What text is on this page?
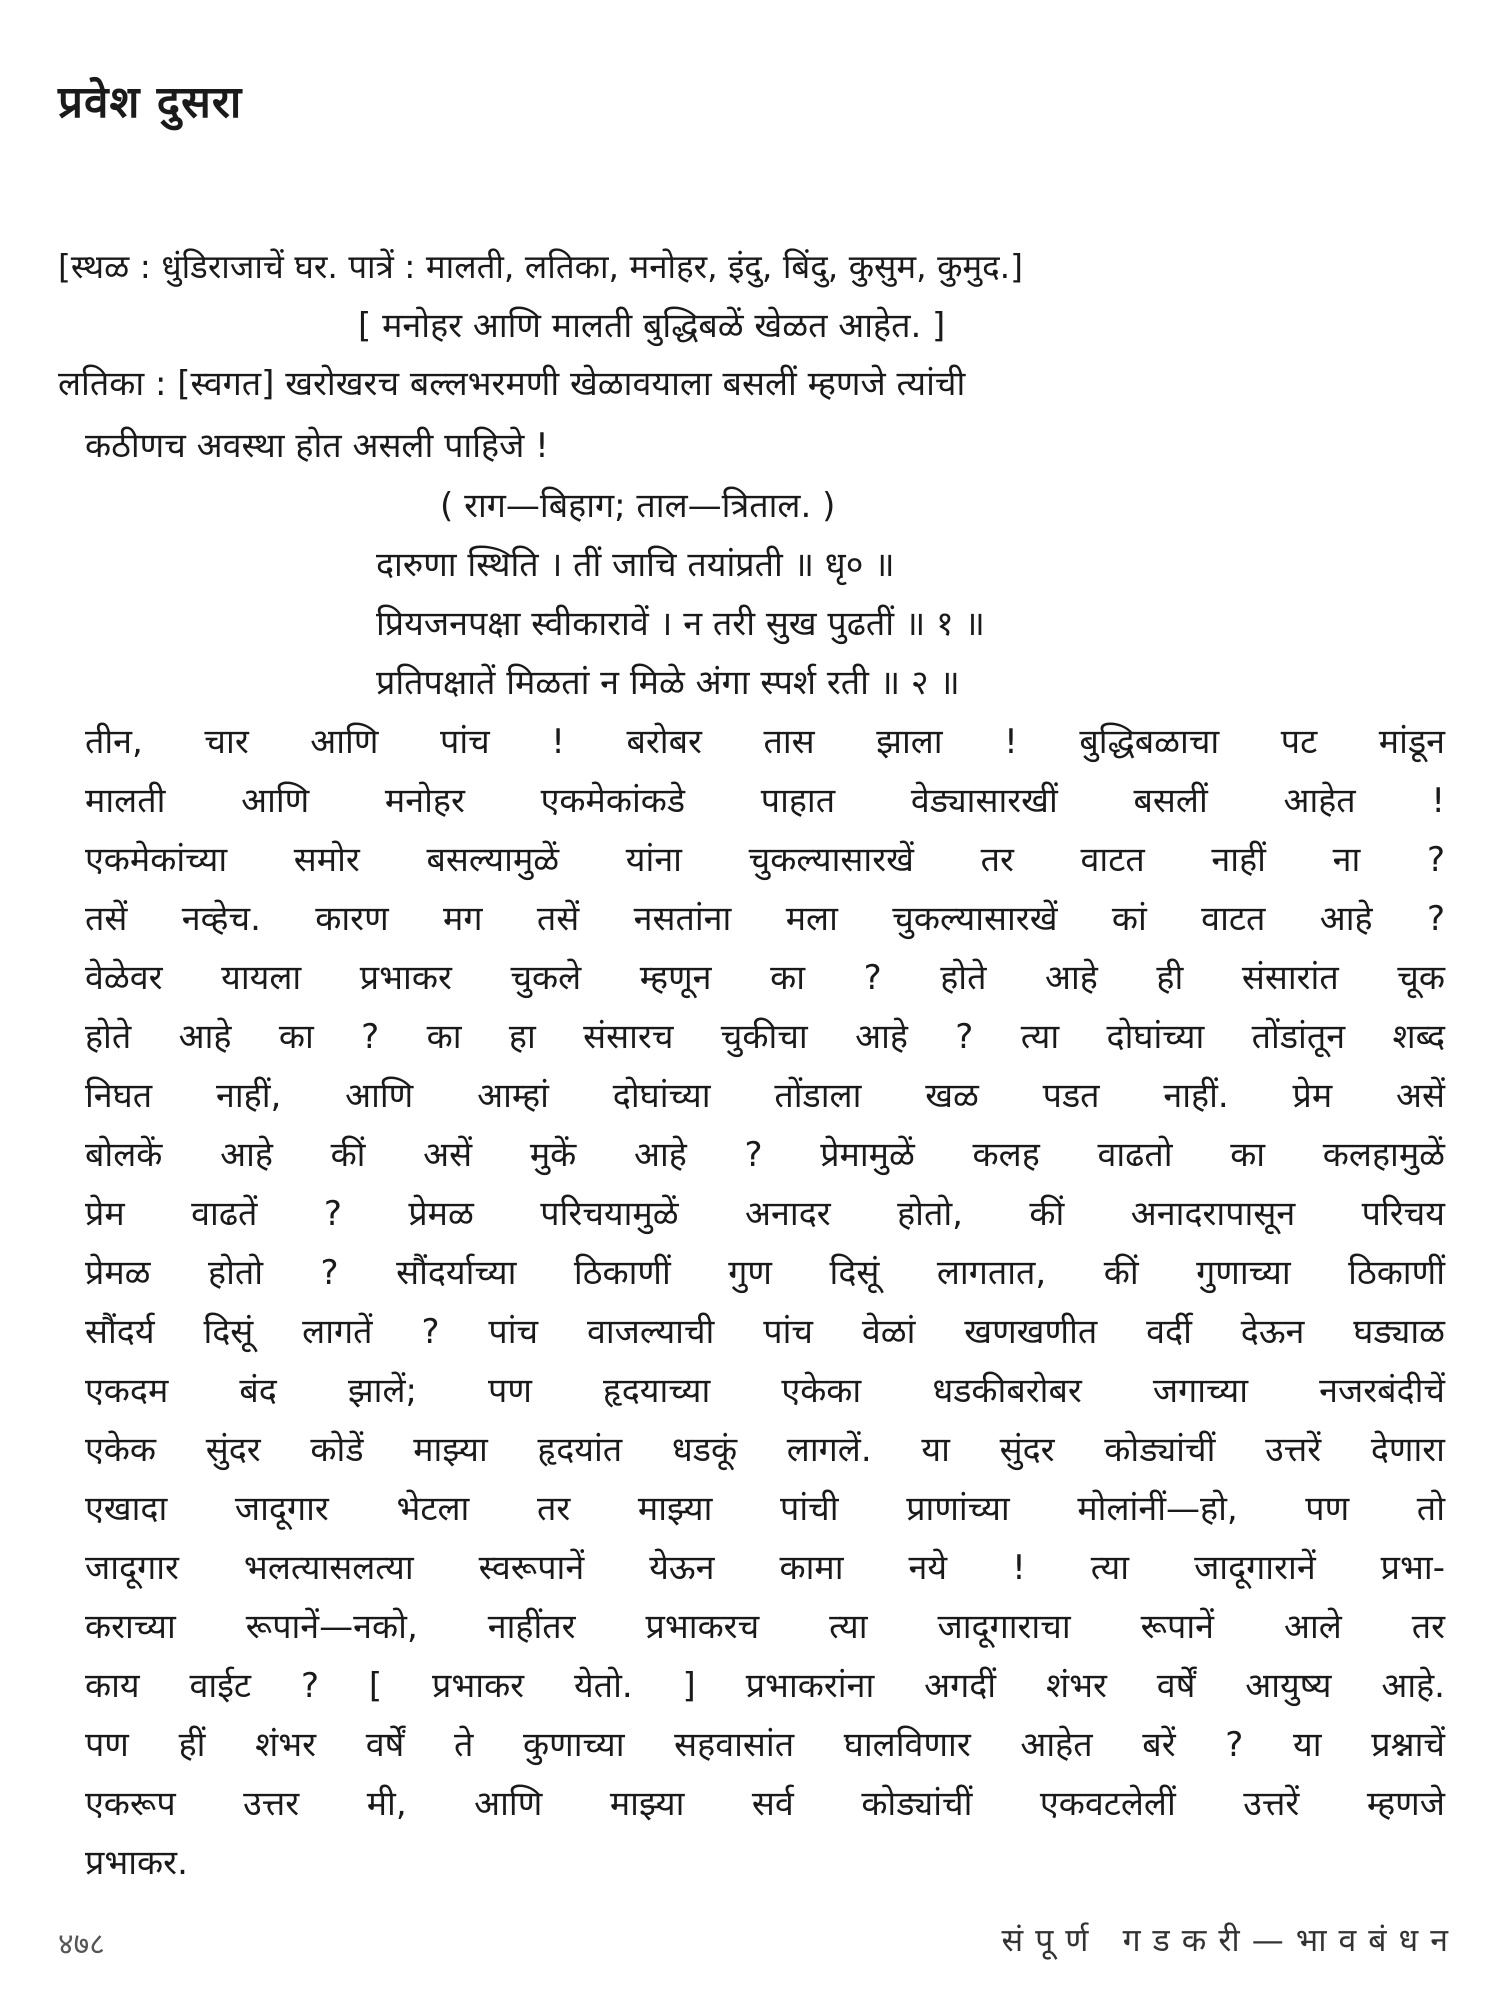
प्रवेश दुसरा
[स्थळ : धुंडिराजाचें घर. पात्रें : मालती, लतिका, मनोहर, इंदु, बिंदु, कुसुम, कुमुद.]
[ मनोहर आणि मालती बुद्धिबळें खेळत आहेत. ]
लतिका : [स्वगत] खरोखरच बल्लभरमणी खेळावयाला बसलीं म्हणजे त्यांची
कठीणच अवस्था होत असली पाहिजे !
( राग—बिहाग; ताल—त्रिताल. )
दारुणा स्थिति । तीं जाचि तयांप्रती ॥ धृ० ॥
प्रियजनपक्षा स्वीकारावें । न तरी सुख पुढतीं ॥ १ ॥
प्रतिपक्षातें मिळतां न मिळे अंगा स्पर्श रती ॥ २ ॥
तीन, चार आणि पांच ! बरोबर तास झाला ! बुद्धिबळाचा पट मांडून
मालती आणि मनोहर एकमेकांकडे पाहात वेड्यासारखीं बसलीं आहेत !
एकमेकांच्या समोर बसल्यामुळें यांना चुकल्यासारखें तर वाटत नाहीं ना ?
तसें नव्हेच. कारण मग तसें नसतांना मला चुकल्यासारखें कां वाटत आहे ?
वेळेवर यायला प्रभाकर चुकले म्हणून का ? होते आहे ही संसारांत चूक
होते आहे का ? का हा संसारच चुकीचा आहे ? त्या दोघांच्या तोंडांतून शब्द
निघत नाहीं, आणि आम्हां दोघांच्या तोंडाला खळ पडत नाहीं. प्रेम असें
बोलकें आहे कीं असें मुकें आहे ? प्रेमामुळें कलह वाढतो का कलहामुळें
प्रेम वाढतें ? प्रेमळ परिचयामुळें अनादर होतो, कीं अनादरापासून परिचय
प्रेमळ होतो ? सौंदर्याच्या ठिकाणीं गुण दिसूं लागतात, कीं गुणाच्या ठिकाणीं
सौंदर्य दिसूं लागतें ? पांच वाजल्याची पांच वेळां खणखणीत वर्दी देऊन घड्याळ
एकदम बंद झालें; पण हृदयाच्या एकेका धडकीबरोबर जगाच्या नजरबंदीचें
एकेक सुंदर कोडें माझ्या हृदयांत धडकूं लागलें. या सुंदर कोड्यांचीं उत्तरें देणारा
एखादा जादूगार भेटला तर माझ्या पांची प्राणांच्या मोलांनीं—हो, पण तो
जादूगार भलत्यासलत्या स्वरूपानें येऊन कामा नये ! त्या जादूगारानें प्रभा-
कराच्या रूपानें—नको, नाहींतर प्रभाकरच त्या जादूगाराचा रूपानें आले तर
काय वाईट ? [ प्रभाकर येतो. ] प्रभाकरांना अगदीं शंभर वर्षें आयुष्य आहे.
पण हीं शंभर वर्षें ते कुणाच्या सहवासांत घालविणार आहेत बरें ? या प्रश्नाचें
एकरूप उत्तर मी, आणि माझ्या सर्व कोड्यांचीं एकवटलेलीं उत्तरें म्हणजे
प्रभाकर.
४७८	संपूर्ण गडकरी—भावबंधन
